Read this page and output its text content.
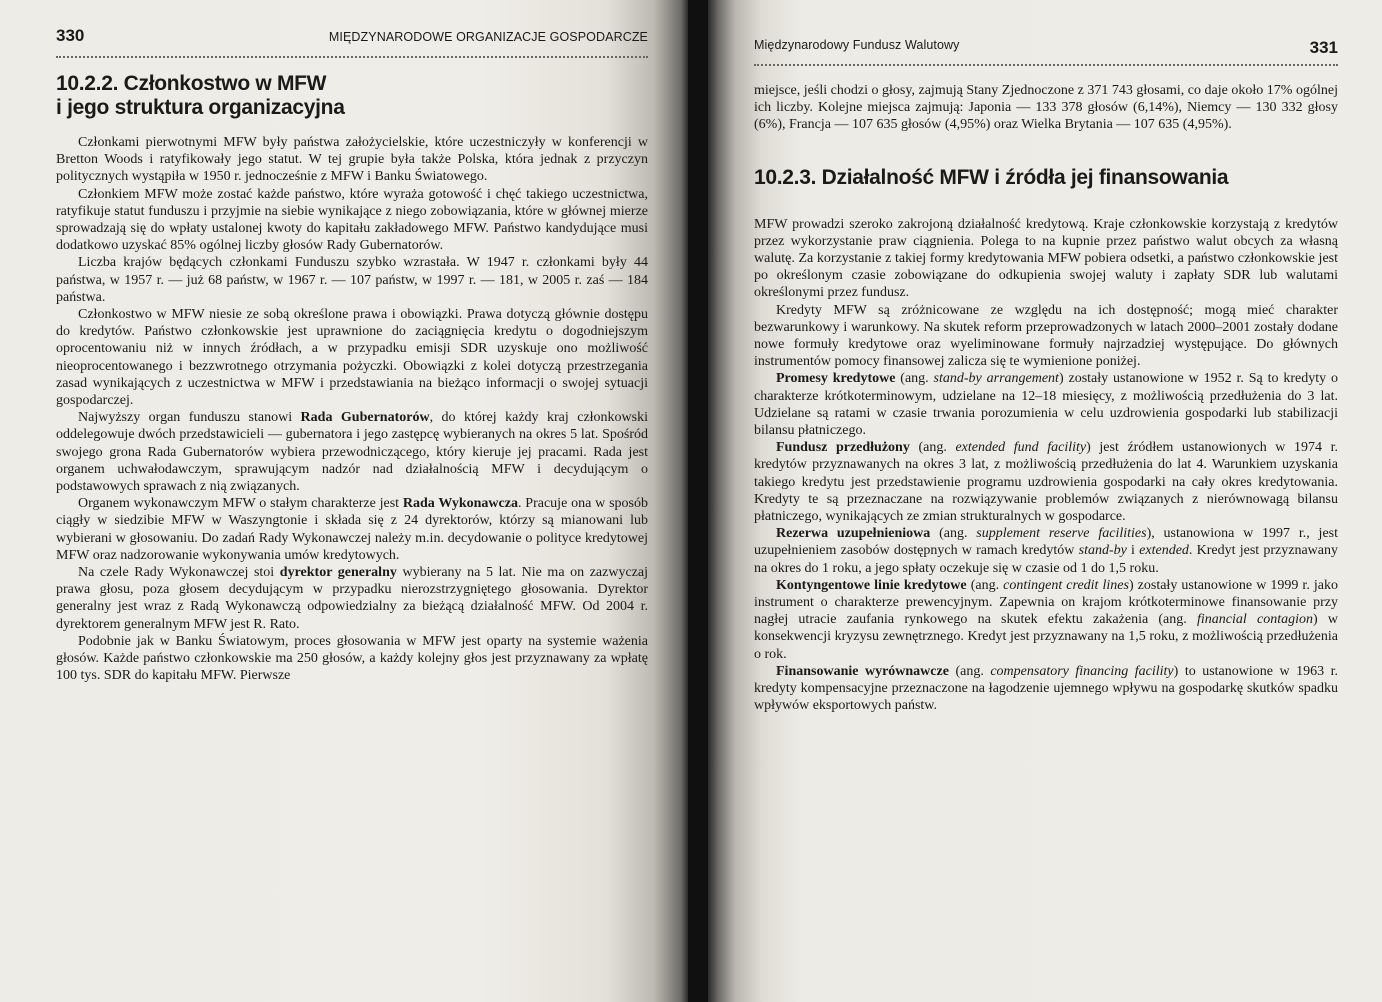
330	MIĘDZYNARODOWE ORGANIZACJE GOSPODARCZE
10.2.2. Członkostwo w MFW
i jego struktura organizacyjna

Członkami pierwotnymi MFW były państwa założycielskie, które uczestniczyły w konferencji w Bretton Woods i ratyfikowały jego statut. W tej grupie była także Polska, która jednak z przyczyn politycznych wystąpiła w 1950 r. jednocześnie z MFW i Banku Światowego.

Członkiem MFW może zostać każde państwo, które wyraża gotowość i chęć takiego uczestnictwa, ratyfikuje statut funduszu i przyjmie na siebie wynikające z niego zobowiązania, które w głównej mierze sprowadzają się do wpłaty ustalonej kwoty do kapitału zakładowego MFW. Państwo kandydujące musi dodatkowo uzyskać 85% ogólnej liczby głosów Rady Gubernatorów.

Liczba krajów będących członkami Funduszu szybko wzrastała. W 1947 r. członkami były 44 państwa, w 1957 r. — już 68 państw, w 1967 r. — 107 państw, w 1997 r. — 181, w 2005 r. zaś — 184 państwa.

Członkostwo w MFW niesie ze sobą określone prawa i obowiązki. Prawa dotyczą głównie dostępu do kredytów. Państwo członkowskie jest uprawnione do zaciągnięcia kredytu o dogodniejszym oprocentowaniu niż w innych źródłach, a w przypadku emisji SDR uzyskuje ono możliwość nieoprocentowanego i bezzwrotnego otrzymania pożyczki. Obowiązki z kolei dotyczą przestrzegania zasad wynikających z uczestnictwa w MFW i przedstawiania na bieżąco informacji o swojej sytuacji gospodarczej.

Najwyższy organ funduszu stanowi Rada Gubernatorów, do której każdy kraj członkowski oddelegowuje dwóch przedstawicieli — gubernatora i jego zastępcę wybieranych na okres 5 lat. Spośród swojego grona Rada Gubernatorów wybiera przewodniczącego, który kieruje jej pracami. Rada jest organem uchwałodawczym, sprawującym nadzór nad działalnością MFW i decydującym o podstawowych sprawach z nią związanych.

Organem wykonawczym MFW o stałym charakterze jest Rada Wykonawcza. Pracuje ona w sposób ciągły w siedzibie MFW w Waszyngtonie i składa się z 24 dyrektorów, którzy są mianowani lub wybierani w głosowaniu. Do zadań Rady Wykonawczej należy m.in. decydowanie o polityce kredytowej MFW oraz nadzorowanie wykonywania umów kredytowych.

Na czele Rady Wykonawczej stoi dyrektor generalny wybierany na 5 lat. Nie ma on zazwyczaj prawa głosu, poza głosem decydującym w przypadku nierozstrzygniętego głosowania. Dyrektor generalny jest wraz z Radą Wykonawczą odpowiedzialny za bieżącą działalność MFW. Od 2004 r. dyrektorem generalnym MFW jest R. Rato.

Podobnie jak w Banku Światowym, proces głosowania w MFW jest oparty na systemie ważenia głosów. Każde państwo członkowskie ma 250 głosów, a każdy kolejny głos jest przyznawany za wpłatę 100 tys. SDR do kapitału MFW. Pierwsze

Międzynarodowy Fundusz Walutowy	331

miejsce, jeśli chodzi o głosy, zajmują Stany Zjednoczone z 371 743 głosami, co daje około 17% ogólnej ich liczby. Kolejne miejsca zajmują: Japonia — 133 378 głosów (6,14%), Niemcy — 130 332 głosy (6%), Francja — 107 635 głosów (4,95%) oraz Wielka Brytania — 107 635 (4,95%).

10.2.3. Działalność MFW i źródła jej finansowania

MFW prowadzi szeroko zakrojoną działalność kredytową. Kraje członkowskie korzystają z kredytów przez wykorzystanie praw ciągnienia. Polega to na kupnie przez państwo walut obcych za własną walutę. Za korzystanie z takiej formy kredytowania MFW pobiera odsetki, a państwo członkowskie jest po określonym czasie zobowiązane do odkupienia swojej waluty i zapłaty SDR lub walutami określonymi przez fundusz.

Kredyty MFW są zróżnicowane ze względu na ich dostępność; mogą mieć charakter bezwarunkowy i warunkowy. Na skutek reform przeprowadzonych w latach 2000–2001 zostały dodane nowe formuły kredytowe oraz wyeliminowane formuły najrzadziej występujące. Do głównych instrumentów pomocy finansowej zalicza się te wymienione poniżej.

Promesy kredytowe (ang. stand-by arrangement) zostały ustanowione w 1952 r. Są to kredyty o charakterze krótkoterminowym, udzielane na 12–18 miesięcy, z możliwością przedłużenia do 3 lat. Udzielane są ratami w czasie trwania porozumienia w celu uzdrowienia gospodarki lub stabilizacji bilansu płatniczego.

Fundusz przedłużony (ang. extended fund facility) jest źródłem ustanowionych w 1974 r. kredytów przyznawanych na okres 3 lat, z możliwością przedłużenia do lat 4. Warunkiem uzyskania takiego kredytu jest przedstawienie programu uzdrowienia gospodarki na cały okres kredytowania. Kredyty te są przeznaczane na rozwiązywanie problemów związanych z nierównowagą bilansu płatniczego, wynikających ze zmian strukturalnych w gospodarce.

Rezerwa uzupełnieniowa (ang. supplement reserve facilities), ustanowiona w 1997 r., jest uzupełnieniem zasobów dostępnych w ramach kredytów stand-by i extended. Kredyt jest przyznawany na okres do 1 roku, a jego spłaty oczekuje się w czasie od 1 do 1,5 roku.

Kontyngentowe linie kredytowe (ang. contingent credit lines) zostały ustanowione w 1999 r. jako instrument o charakterze prewencyjnym. Zapewnia on krajom krótkoterminowe finansowanie przy nagłej utracie zaufania rynkowego na skutek efektu zakażenia (ang. financial contagion) w konsekwencji kryzysu zewnętrznego. Kredyt jest przyznawany na 1,5 roku, z możliwością przedłużenia o rok.

Finansowanie wyrównawcze (ang. compensatory financing facility) to ustanowione w 1963 r. kredyty kompensacyjne przeznaczone na łagodzenie ujemnego wpływu na gospodarkę skutków spadku wpływów eksportowych państw.
